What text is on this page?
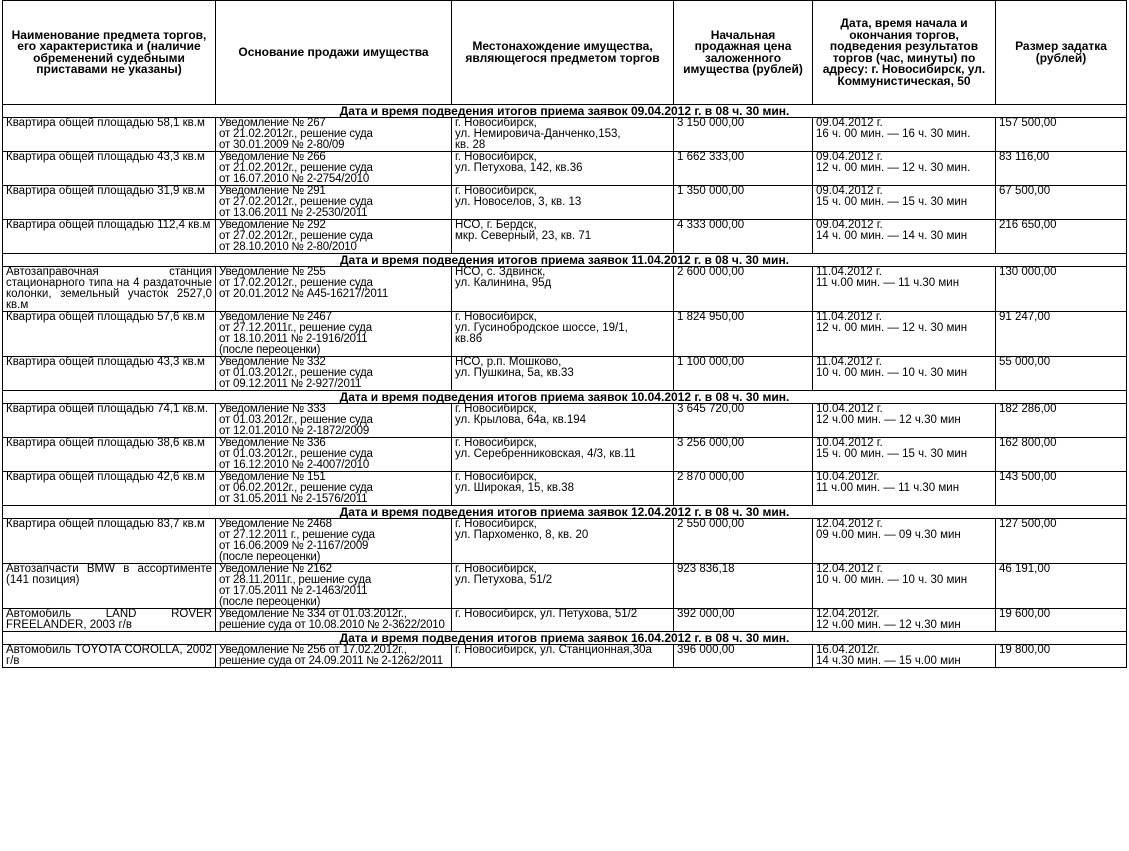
Наименование предмета торгов, его характеристика и (наличие обременений судебными приставами не указаны)	Основание продажи имущества	Местонахождение имущества, являющегося предметом торгов	Начальная продажная цена заложенного имущества (рублей)	Дата, время начала и окончания торгов, подведения результатов торгов (час, минуты) по адресу: г. Новосибирск, ул. Коммунистическая, 50	Размер задатка (рублей)
Дата и время подведения итогов приема заявок 09.04.2012 г. в 08 ч. 30 мин.					
Квартира общей площадью 58,1 кв.м	Уведомление № 267
от 21.02.2012г., решение суда
от 30.01.2009 № 2-80/09	г. Новосибирск,
ул. Немировича-Данченко,153,
кв. 28	3 150 000,00	09.04.2012 г.
16 ч. 00 мин. — 16 ч. 30 мин.	157 500,00
Квартира общей площадью 43,3 кв.м	Уведомление № 266
от 21.02.2012г., решение суда
от 16.07.2010 № 2-2754/2010	г. Новосибирск,
ул. Петухова, 142, кв.36	1 662 333,00	09.04.2012 г.
12 ч. 00 мин. — 12 ч. 30 мин.	83 116,00
Квартира общей площадью 31,9 кв.м	Уведомление № 291
от 27.02.2012г., решение суда
от 13.06.2011 № 2-2530/2011	г. Новосибирск,
ул. Новоселов, 3, кв. 13	1 350 000,00	09.04.2012 г.
15 ч. 00 мин. — 15 ч. 30 мин	67 500,00
Квартира общей площадью 112,4 кв.м	Уведомление № 292
от 27.02.2012г., решение суда
от 28.10.2010 № 2-80/2010	НСО, г. Бердск,
мкр. Северный, 23, кв. 71	4 333 000,00	09.04.2012 г.
14 ч. 00 мин. — 14 ч. 30 мин	216 650,00
Дата и время подведения итогов приема заявок 11.04.2012 г. в 08 ч. 30 мин.					
Автозаправочная станция стационарного типа на 4 раздаточные колонки, земельный участок 2527,0 кв.м	Уведомление № 255
от 17.02.2012г., решение суда
от 20.01.2012 № А45-16217/2011	НСО, с. Здвинск,
ул. Калинина, 95д	2 600 000,00	11.04.2012 г.
11 ч.00 мин. — 11 ч.30 мин	130 000,00
Квартира общей площадью 57,6 кв.м	Уведомление № 2467
от 27.12.2011г., решение суда
от 18.10.2011 № 2-1916/2011
(после переоценки)	г. Новосибирск,
ул. Гусинобродское шоссе, 19/1,
кв.86	1 824 950,00	11.04.2012 г.
12 ч. 00 мин. — 12 ч. 30 мин	91 247,00
Квартира общей площадью 43,3 кв.м	Уведомление № 332
от 01.03.2012г., решение суда
от 09.12.2011 № 2-927/2011	НСО, р.п. Мошково,
ул. Пушкина, 5а, кв.33	1 100 000,00	11.04.2012 г.
10 ч. 00 мин. — 10 ч. 30 мин	55 000,00
Дата и время подведения итогов приема заявок 10.04.2012 г. в 08 ч. 30 мин.					
Квартира общей площадью 74,1 кв.м.	Уведомление № 333
от 01.03.2012г., решение суда
от 12.01.2010 № 2-1872/2009	г. Новосибирск,
ул. Крылова, 64а, кв.194	3 645 720,00	10.04.2012 г.
12 ч.00 мин. — 12 ч.30 мин	182 286,00
Квартира общей площадью 38,6 кв.м	Уведомление № 336
от 01.03.2012г., решение суда
от 16.12.2010 № 2-4007/2010	г. Новосибирск,
ул. Серебренниковская, 4/3, кв.11	3 256 000,00	10.04.2012 г.
15 ч. 00 мин. — 15 ч. 30 мин	162 800,00
Квартира общей площадью 42,6 кв.м	Уведомление № 151
от 06.02.2012г., решение суда
от 31.05.2011 № 2-1576/2011	г. Новосибирск,
ул. Широкая, 15, кв.38	2 870 000,00	10.04.2012г.
11 ч.00 мин. — 11 ч.30 мин	143 500,00
Дата и время подведения итогов приема заявок 12.04.2012 г. в 08 ч. 30 мин.					
Квартира общей площадью 83,7 кв.м	Уведомление № 2468
от 27.12.2011 г., решение суда
от 16.06.2009 № 2-1167/2009
(после переоценки)	г. Новосибирск,
ул. Пархоменко, 8, кв. 20	2 550 000,00	12.04.2012 г.
09 ч.00 мин. — 09 ч.30 мин	127 500,00
Автозапчасти BMW в ассортименте (141 позиция)	Уведомление № 2162
от 28.11.2011г., решение суда
от 17.05.2011 № 2-1463/2011
(после переоценки)	г. Новосибирск,
ул. Петухова, 51/2	923 836,18	12.04.2012 г.
10 ч. 00 мин. — 10 ч. 30 мин	46 191,00
Автомобиль LAND ROVER FREELANDER, 2003 г/в	Уведомление № 334 от 01.03.2012г., решение суда от 10.08.2010 № 2-3622/2010	г. Новосибирск, ул. Петухова, 51/2	392 000,00	12.04.2012г.
12 ч.00 мин. — 12 ч.30 мин	19 600,00
Дата и время подведения итогов приема заявок 16.04.2012 г. в 08 ч. 30 мин.					
Автомобиль TOYOTA COROLLA, 2002 г/в	Уведомление № 256 от 17.02.2012г., решение суда от 24.09.2011 № 2-1262/2011	г. Новосибирск, ул. Станционная,30а	396 000,00	16.04.2012г.
14 ч.30 мин. — 15 ч.00 мин	19 800,00
